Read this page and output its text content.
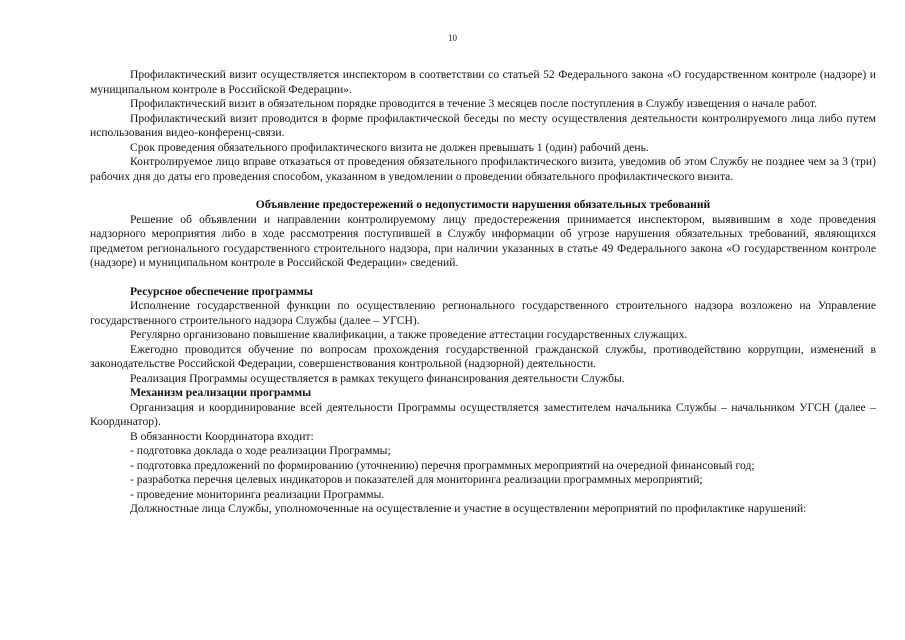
10

Профилактический визит осуществляется инспектором в соответствии со статьей 52 Федерального закона «О государственном контроле (надзоре) и муниципальном контроле в Российской Федерации».

Профилактический визит в обязательном порядке проводится в течение 3 месяцев после поступления в Службу извещения о начале работ.

Профилактический визит проводится в форме профилактической беседы по месту осуществления деятельности контролируемого лица либо путем использования видео-конференц-связи.

Срок проведения обязательного профилактического визита не должен превышать 1 (один) рабочий день.

Контролируемое лицо вправе отказаться от проведения обязательного профилактического визита, уведомив об этом Службу не позднее чем за 3 (три) рабочих дня до даты его проведения способом, указанном в уведомлении о проведении обязательного профилактического визита.

Объявление предостережений о недопустимости нарушения обязательных требований

Решение об объявлении и направлении контролируемому лицу предостережения принимается инспектором, выявившим в ходе проведения надзорного мероприятия либо в ходе рассмотрения поступившей в Службу информации об угрозе нарушения обязательных требований, являющихся предметом регионального государственного строительного надзора, при наличии указанных в статье 49 Федерального закона «О государственном контроле (надзоре) и муниципальном контроле в Российской Федерации» сведений.

Ресурсное обеспечение программы

Исполнение государственной функции по осуществлению регионального государственного строительного надзора возложено на Управление государственного строительного надзора Службы (далее – УГСН).

Регулярно организовано повышение квалификации, а также проведение аттестации государственных служащих.

Ежегодно проводится обучение по вопросам прохождения государственной гражданской службы, противодействию коррупции, изменений в законодательстве Российской Федерации, совершенствования контрольной (надзорной) деятельности.

Реализация Программы осуществляется в рамках текущего финансирования деятельности Службы.

Механизм реализации программы

Организация и координирование всей деятельности Программы осуществляется заместителем начальника Службы – начальником УГСН (далее – Координатор).

В обязанности Координатора входит:

- подготовка доклада о ходе реализации Программы;
- подготовка предложений по формированию (уточнению) перечня программных мероприятий на очередной финансовый год;
- разработка перечня целевых индикаторов и показателей для мониторинга реализации программных мероприятий;
- проведение мониторинга реализации Программы.

Должностные лица Службы, уполномоченные на осуществление и участие в осуществлении мероприятий по профилактике нарушений:
